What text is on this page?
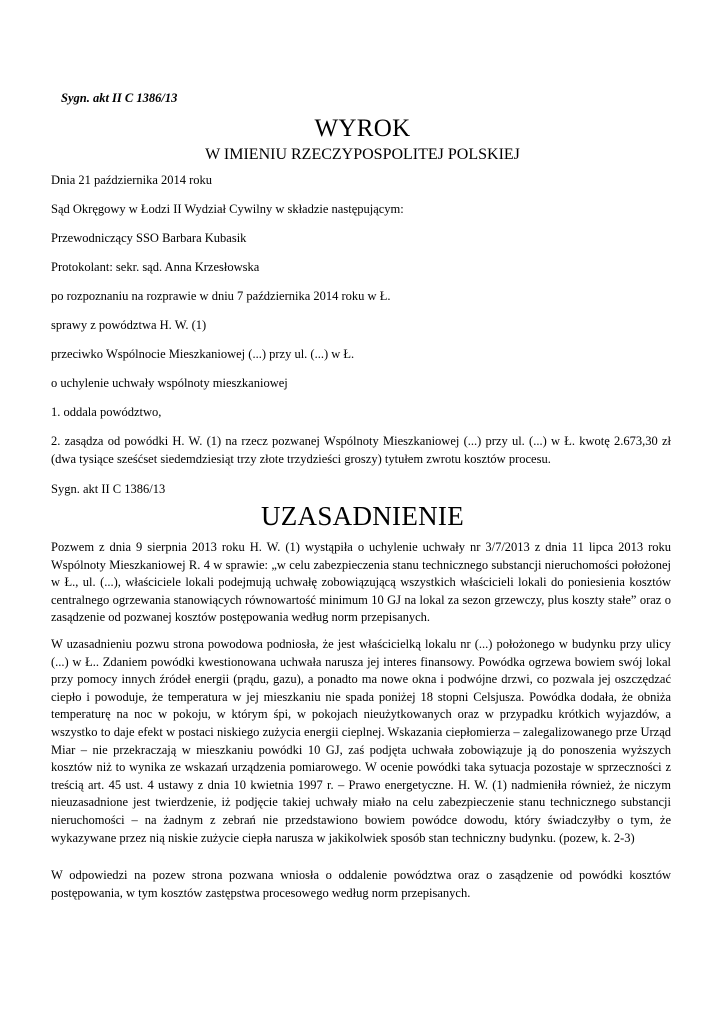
Sygn. akt II C 1386/13
WYROK
W IMIENIU RZECZYPOSPOLITEJ POLSKIEJ
Dnia 21 października 2014 roku
Sąd Okręgowy w Łodzi II Wydział Cywilny w składzie następującym:
Przewodniczący SSO Barbara Kubasik
Protokolant: sekr. sąd. Anna Krzesłowska
po rozpoznaniu na rozprawie w dniu 7 października 2014 roku w Ł.
sprawy z powództwa H. W. (1)
przeciwko Wspólnocie Mieszkaniowej (...) przy ul. (...) w Ł.
o uchylenie uchwały wspólnoty mieszkaniowej
1. oddala powództwo,
2. zasądza od powódki H. W. (1) na rzecz pozwanej Wspólnoty Mieszkaniowej (...) przy ul. (...) w Ł. kwotę 2.673,30 zł (dwa tysiące sześćset siedemdziesiąt trzy złote trzydzieści groszy) tytułem zwrotu kosztów procesu.
Sygn. akt II C 1386/13
UZASADNIENIE
Pozwem z dnia 9 sierpnia 2013 roku H. W. (1) wystąpiła o uchylenie uchwały nr 3/7/2013 z dnia 11 lipca 2013 roku Wspólnoty Mieszkaniowej R. 4 w sprawie: „w celu zabezpieczenia stanu technicznego substancji nieruchomości położonej w Ł., ul. (...), właściciele lokali podejmują uchwałę zobowiązującą wszystkich właścicieli lokali do poniesienia kosztów centralnego ogrzewania stanowiących równowartość minimum 10 GJ na lokal za sezon grzewczy, plus koszty stałe” oraz o zasądzenie od pozwanej kosztów postępowania według norm przepisanych.
W uzasadnieniu pozwu strona powodowa podniosła, że jest właścicielką lokalu nr (...) położonego w budynku przy ulicy (...) w Ł.. Zdaniem powódki kwestionowana uchwała narusza jej interes finansowy. Powódka ogrzewa bowiem swój lokal przy pomocy innych źródeł energii (prądu, gazu), a ponadto ma nowe okna i podwójne drzwi, co pozwala jej oszczędzać ciepło i powoduje, że temperatura w jej mieszkaniu nie spada poniżej 18 stopni Celsjusza. Powódka dodała, że obniża temperaturę na noc w pokoju, w którym śpi, w pokojach nieużytkowanych oraz w przypadku krótkich wyjazdów, a wszystko to daje efekt w postaci niskiego zużycia energii cieplnej. Wskazania ciepłomierza – zalegalizowanego prze Urząd Miar – nie przekraczają w mieszkaniu powódki 10 GJ, zaś podjęta uchwała zobowiązuje ją do ponoszenia wyższych kosztów niż to wynika ze wskazań urządzenia pomiarowego. W ocenie powódki taka sytuacja pozostaje w sprzeczności z treścią art. 45 ust. 4 ustawy z dnia 10 kwietnia 1997 r. – Prawo energetyczne. H. W. (1) nadmieniła również, że niczym nieuzasadnione jest twierdzenie, iż podjęcie takiej uchwały miało na celu zabezpieczenie stanu technicznego substancji nieruchomości – na żadnym z zebrań nie przedstawiono bowiem powódce dowodu, który świadczyłby o tym, że wykazywane przez nią niskie zużycie ciepła narusza w jakikolwiek sposób stan techniczny budynku. (pozew, k. 2-3)
W odpowiedzi na pozew strona pozwana wniosła o oddalenie powództwa oraz o zasądzenie od powódki kosztów postępowania, w tym kosztów zastępstwa procesowego według norm przepisanych.
